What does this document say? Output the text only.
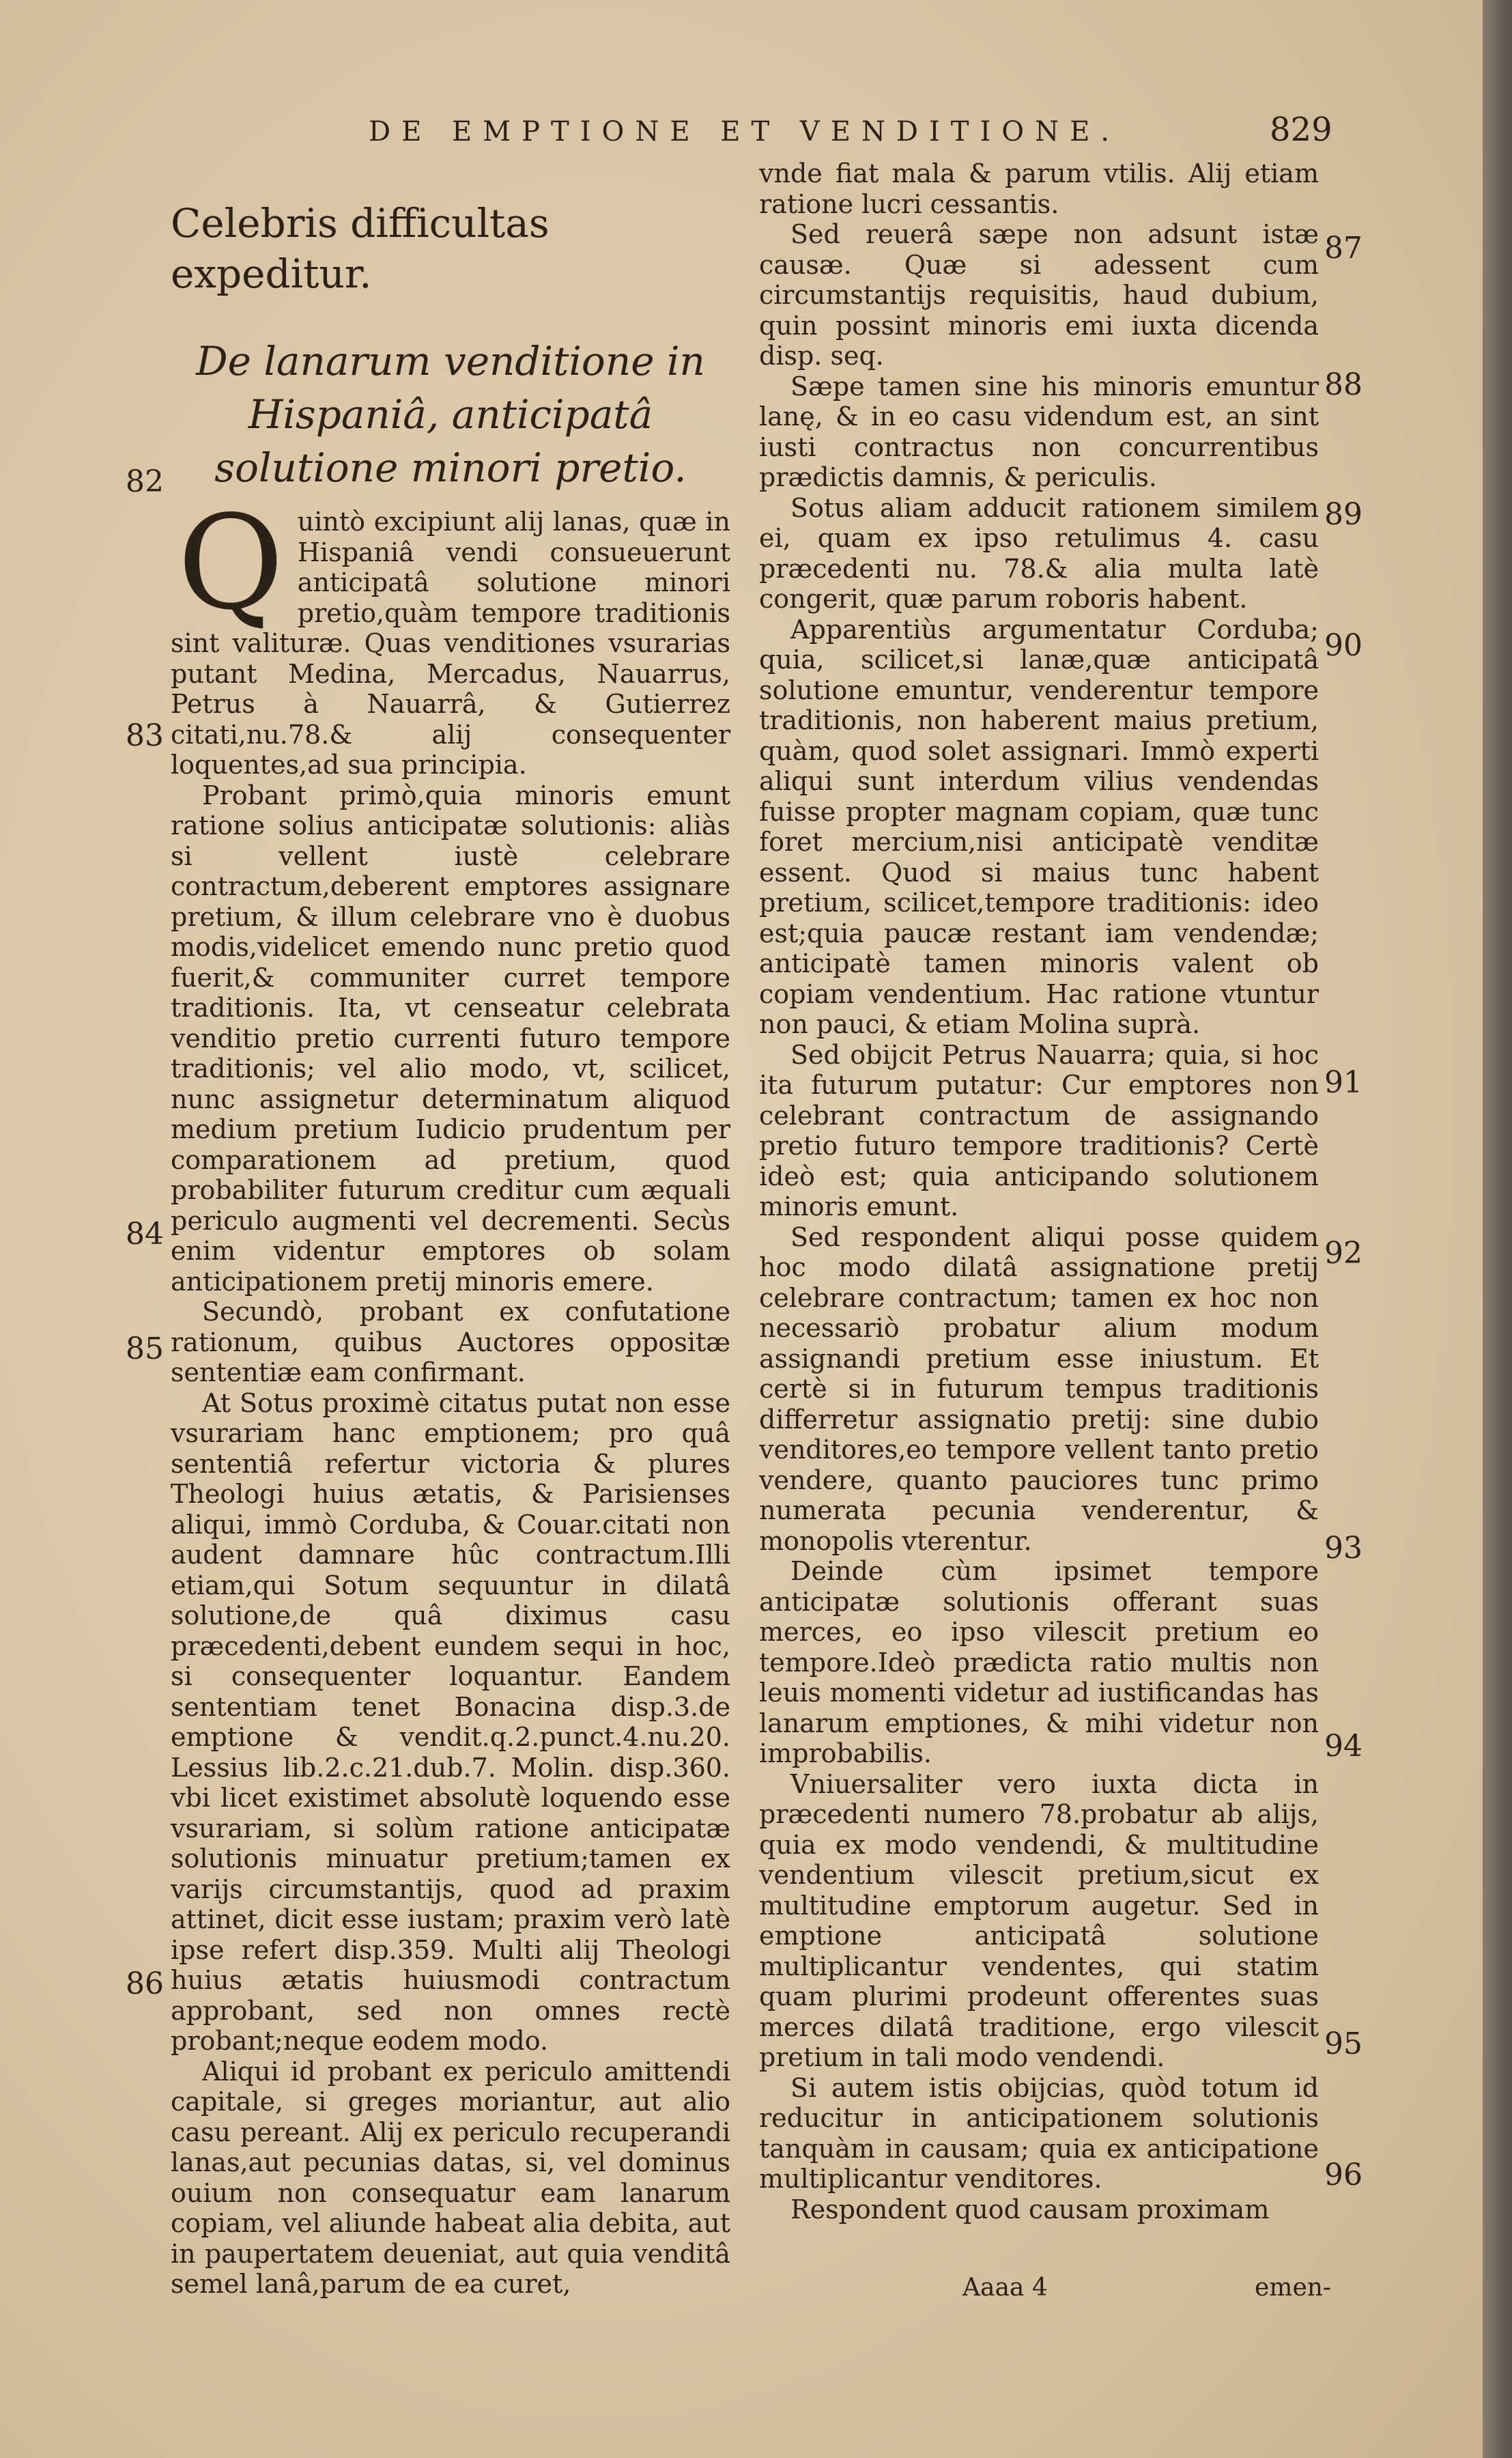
DE EMPTIONE ET VENDITIONE.	829
Celebris difficultas expeditur.
De lanarum venditione in Hispaniâ, anticipatâ solutione minori pretio.

Quintò excipiunt alij lanas, quæ in Hispaniâ vendi consueuerunt anticipatâ solutione minori pretio,quàm tempore traditionis sint valituræ. Quas venditiones vsurarias putant Medina, Mercadus, Nauarrus, Petrus à Nauarrâ, & Gutierrez citati,nu.78.& alij consequenter loquentes,ad sua principia.

Probant primò,quia minoris emunt ratione solius anticipatæ solutionis: aliàs si vellent iustè celebrare contractum,deberent emptores assignare pretium, & illum celebrare vno è duobus modis,videlicet emendo nunc pretio quod fuerit,& communiter curret tempore traditionis. Ita, vt censeatur celebrata venditio pretio currenti futuro tempore traditionis; vel alio modo, vt, scilicet, nunc assignetur determinatum aliquod medium pretium Iudicio prudentum per comparationem ad pretium, quod probabiliter futurum creditur cum æquali periculo augmenti vel decrementi. Secùs enim videntur emptores ob solam anticipationem pretij minoris emere.

Secundò, probant ex confutatione rationum, quibus Auctores oppositæ sententiæ eam confirmant.

At Sotus proximè citatus putat non esse vsurariam hanc emptionem; pro quâ sententiâ refertur victoria & plures Theologi huius ætatis, & Parisienses aliqui, immò Corduba, & Couar.citati non audent damnare hûc contractum.Illi etiam,qui Sotum sequuntur in dilatâ solutione,de quâ diximus casu præcedenti,debent eundem sequi in hoc, si consequenter loquantur. Eandem sententiam tenet Bonacina disp.3.de emptione & vendit.q.2.punct.4.nu.20. Lessius lib.2.c.21.dub.7. Molin. disp.360. vbi licet existimet absolutè loquendo esse vsurariam, si solùm ratione anticipatæ solutionis minuatur pretium;tamen ex varijs circumstantijs, quod ad praxim attinet, dicit esse iustam; praxim verò latè ipse refert disp.359. Multi alij Theologi huius ætatis huiusmodi contractum approbant, sed non omnes rectè probant;neque eodem modo.

Aliqui id probant ex periculo amittendi capitale, si greges moriantur, aut alio casu pereant. Alij ex periculo recuperandi lanas,aut pecunias datas, si, vel dominus ouium non consequatur eam lanarum copiam, vel aliunde habeat alia debita, aut in paupertatem deueniat, aut quia venditâ semel lanâ,parum de ea curet,

vnde fiat mala & parum vtilis. Alij etiam ratione lucri cessantis.

Sed reuerâ sæpe non adsunt istæ causæ. Quæ si adessent cum circumstantijs requisitis, haud dubium, quin possint minoris emi iuxta dicenda disp. seq.

Sæpe tamen sine his minoris emuntur lanę, & in eo casu videndum est, an sint iusti contractus non concurrentibus prædictis damnis, & periculis.

Sotus aliam adducit rationem similem ei, quam ex ipso retulimus 4. casu præcedenti nu. 78.& alia multa latè congerit, quæ parum roboris habent.

Apparentiùs argumentatur Corduba; quia, scilicet,si lanæ,quæ anticipatâ solutione emuntur, venderentur tempore traditionis, non haberent maius pretium, quàm, quod solet assignari. Immò experti aliqui sunt interdum vilius vendendas fuisse propter magnam copiam, quæ tunc foret mercium,nisi anticipatè venditæ essent. Quod si maius tunc habent pretium, scilicet,tempore traditionis: ideo est;quia paucæ restant iam vendendæ; anticipatè tamen minoris valent ob copiam vendentium. Hac ratione vtuntur non pauci, & etiam Molina suprà.

Sed obijcit Petrus Nauarra; quia, si hoc ita futurum putatur: Cur emptores non celebrant contractum de assignando pretio futuro tempore traditionis? Certè ideò est; quia anticipando solutionem minoris emunt.

Sed respondent aliqui posse quidem hoc modo dilatâ assignatione pretij celebrare contractum; tamen ex hoc non necessariò probatur alium modum assignandi pretium esse iniustum. Et certè si in futurum tempus traditionis differretur assignatio pretij: sine dubio venditores,eo tempore vellent tanto pretio vendere, quanto pauciores tunc primo numerata pecunia venderentur, & monopolis vterentur.

Deinde cùm ipsimet tempore anticipatæ solutionis offerant suas merces, eo ipso vilescit pretium eo tempore.Ideò prædicta ratio multis non leuis momenti videtur ad iustificandas has lanarum emptiones, & mihi videtur non improbabilis.

Vniuersaliter vero iuxta dicta in præcedenti numero 78.probatur ab alijs, quia ex modo vendendi, & multitudine vendentium vilescit pretium,sicut ex multitudine emptorum augetur. Sed in emptione anticipatâ solutione multiplicantur vendentes, qui statim quam plurimi prodeunt offerentes suas merces dilatâ traditione, ergo vilescit pretium in tali modo vendendi.

Si autem istis obijcias, quòd totum id reducitur in anticipationem solutionis tanquàm in causam; quia ex anticipatione multiplicantur venditores.

Respondent quod causam proximam

82
83
84
85
86
87
88
89
90
91
92
93
94
95
96
Aaaa 4	emen-
